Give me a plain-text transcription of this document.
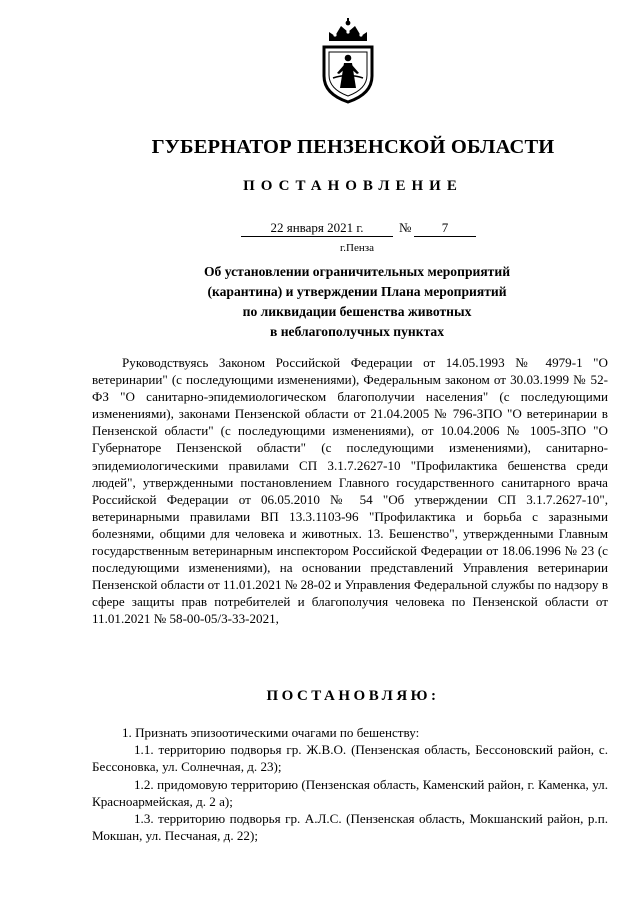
ГУБЕРНАТОР ПЕНЗЕНСКОЙ ОБЛАСТИ
ПОСТАНОВЛЕНИЕ
22 января 2021 г.	№	7
г.Пенза
Об установлении ограничительных мероприятий
(карантина) и утверждении Плана мероприятий
по ликвидации бешенства животных
в неблагополучных пунктах

Руководствуясь Законом Российской Федерации от 14.05.1993 № 4979-1 "О ветеринарии" (с последующими изменениями), Федеральным законом от 30.03.1999 № 52-ФЗ "О санитарно-эпидемиологическом благополучии населения" (с последующими изменениями), законами Пензенской области от 21.04.2005 № 796-ЗПО "О ветеринарии в Пензенской области" (с последующими изменениями), от 10.04.2006 № 1005-ЗПО "О Губернаторе Пензенской области" (с последующими изменениями), санитарно-эпидемиологическими правилами СП 3.1.7.2627-10 "Профилактика бешенства среди людей", утвержденными постановлением Главного государственного санитарного врача Российской Федерации от 06.05.2010 № 54 "Об утверждении СП 3.1.7.2627-10", ветеринарными правилами ВП 13.3.1103-96 "Профилактика и борьба с заразными болезнями, общими для человека и животных. 13. Бешенство", утвержденными Главным государственным ветеринарным инспектором Российской Федерации от 18.06.1996 № 23 (с последующими изменениями), на основании представлений Управления ветеринарии Пензенской области от 11.01.2021 № 28-02 и Управления Федеральной службы по надзору в сфере защиты прав потребителей и благополучия человека по Пензенской области от 11.01.2021 № 58-00-05/3-33-2021,

ПОСТАНОВЛЯЮ:

1. Признать эпизоотическими очагами по бешенству:

1.1. территорию подворья гр. Ж.В.О. (Пензенская область, Бессоновский район, с. Бессоновка, ул. Солнечная, д. 23);

1.2. придомовую территорию (Пензенская область, Каменский район, г. Каменка, ул. Красноармейская, д. 2 а);

1.3. территорию подворья гр. А.Л.С. (Пензенская область, Мокшанский район, р.п. Мокшан, ул. Песчаная, д. 22);
